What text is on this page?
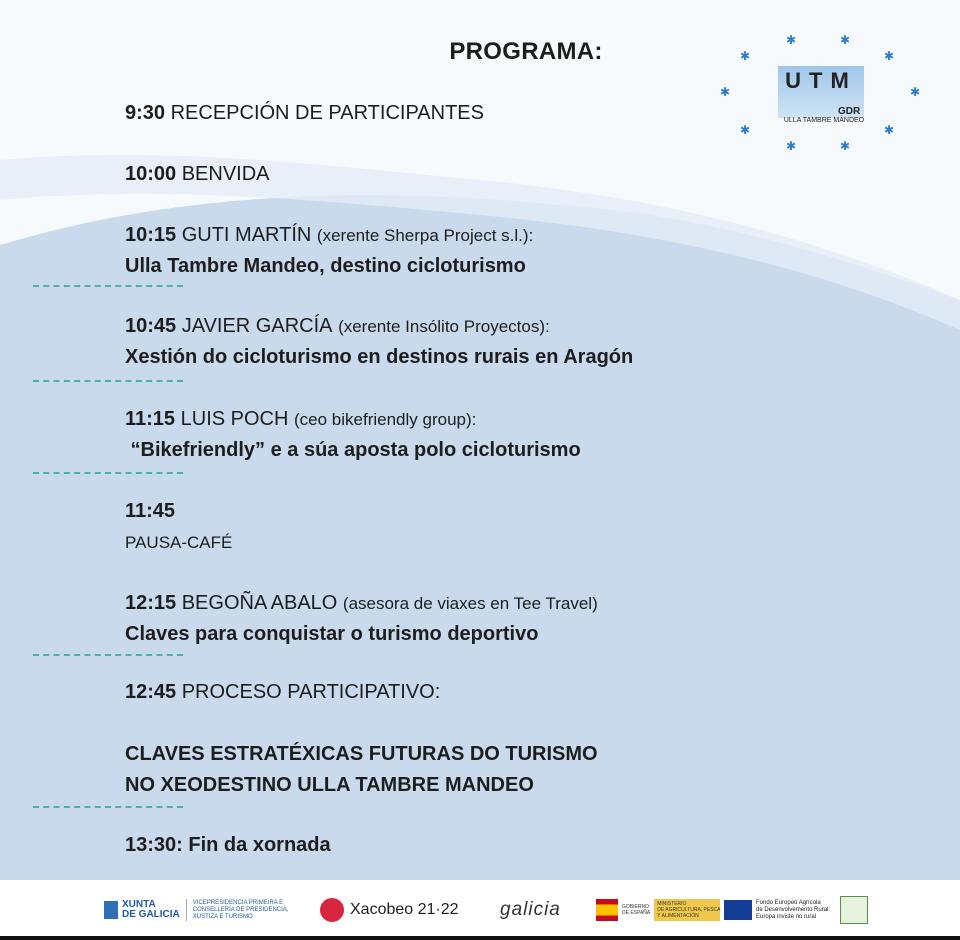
PROGRAMA:	✱	✱
✱	✱
✱	✱
✱	✱
✱	✱
UTM
GDR
ULLA TAMBRE MANDEO
9:30 RECEPCIÓN DE PARTICIPANTES
10:00 BENVIDA
10:15 GUTI MARTÍN (xerente Sherpa Project s.l.):
Ulla Tambre Mandeo, destino cicloturismo
10:45 JAVIER GARCÍA (xerente Insólito Proyectos):
Xestión do cicloturismo en destinos rurais en Aragón
11:15 LUIS POCH (ceo bikefriendly group):
“Bikefriendly” e a súa aposta polo cicloturismo
11:45
PAUSA-CAFÉ
12:15 BEGOÑA ABALO (asesora de viaxes en Tee Travel)
Claves para conquistar o turismo deportivo
12:45 PROCESO PARTICIPATIVO:
CLAVES ESTRATÉXICAS FUTURAS DO TURISMO
NO XEODESTINO ULLA TAMBRE MANDEO
13:30: Fin da xornada
XUNTA
DE GALICIA
VICEPRESIDENCIA PRIMEIRA E
CONSELLERÍA DE PRESIDENCIA,
XUSTIZA E TURISMO	Xacobeo 21·22 galicia	GOBIERNO
DE ESPAÑA
MINISTERIO
DE AGRICULTURA, PESCA
Y ALIMENTACIÓN
Fondo Europeo Agrícola
de Desenvolvemento Rural:
Europa inviste no rural
